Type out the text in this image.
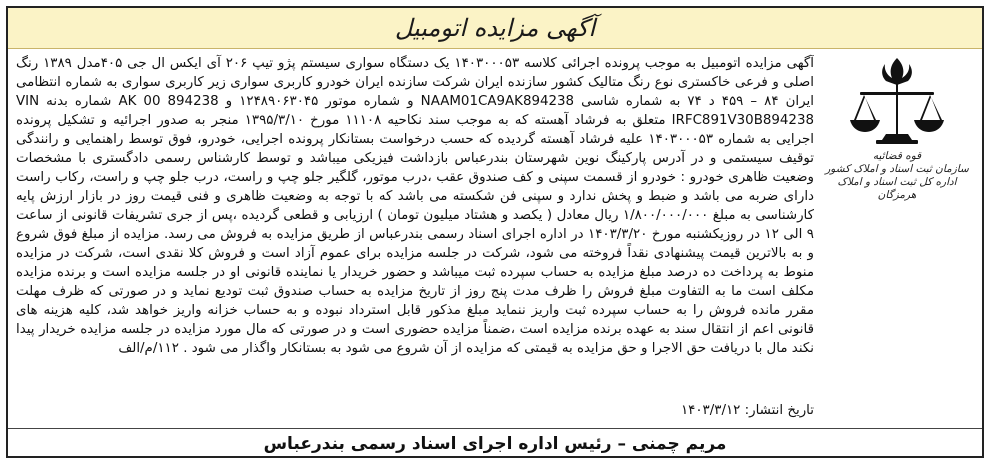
آگهی مزایده اتومبیل
قوه قضائیه
سازمان ثبت اسناد و املاک کشور
اداره کل ثبت اسناد و املاک هرمزگان
آگهی مزایده اتومبیل به موجب پرونده اجرائی کلاسه ۱۴۰۳۰۰۰۵۳ یک دستگاه سواری سیستم پژو تیپ ۲۰۶ آی ایکس ال جی ۴۰۵مدل ۱۳۸۹ رنگ اصلی و فرعی خاکستری نوع رنگ متالیک کشور سازنده ایران شرکت سازنده ایران خودرو کاربری سواری زیر کاربری سواری به شماره انتظامی ایران ۸۴ – ۴۵۹ د ۷۴ به شماره شاسی NAAM01CA9AK894238 و شماره موتور ۱۲۴۸۹۰۶۳۰۴۵ و AK 00 894238 شماره بدنه VIN IRFC891V30B894238 متعلق به فرشاد آهسته که به موجب سند نکاحیه ۱۱۱۰۸ مورخ ۱۳۹۵/۳/۱۰ منجر به صدور اجرائیه و تشکیل پرونده اجرایی به شماره ۱۴۰۳۰۰۰۵۳ علیه فرشاد آهسته گردیده که حسب درخواست بستانکار پرونده اجرایی، خودرو، فوق توسط راهنمایی و رانندگی توقیف سیستمی و در آدرس پارکینگ نوین شهرستان بندرعباس بازداشت فیزیکی میباشد و توسط کارشناس رسمی دادگستری با مشخصات وضعیت ظاهری خودرو : خودرو از قسمت سپنی و کف صندوق عقب ،درب موتور، گلگیر جلو چپ و راست، درب جلو چپ و راست، رکاب راست دارای ضربه می باشد و ضبط و پخش ندارد و سپنی فن شکسته می باشد که با توجه به وضعیت ظاهری و فنی قیمت روز در بازار ارزش پایه کارشناسی به مبلغ ۱/۸۰۰/۰۰۰/۰۰۰ ریال معادل ( یکصد و هشتاد میلیون تومان ) ارزیابی و قطعی گردیده ،پس از جری تشریفات قانونی از ساعت ۹ الی ۱۲ در روزیکشنبه مورخ ۱۴۰۳/۳/۲۰ در اداره اجرای اسناد رسمی بندرعباس از طریق مزایده به فروش می رسد. مزایده از مبلغ فوق شروع و به بالاترین قیمت پیشنهادی نقداً فروخته می شود، شرکت در جلسه مزایده برای عموم آزاد است و فروش کلا نقدی است، شرکت در مزایده منوط به پرداخت ده درصد مبلغ مزایده به حساب سپرده ثبت میباشد و حضور خریدار یا نماینده قانونی او در جلسه مزایده است و برنده مزایده مکلف است ما به التفاوت مبلغ فروش را ظرف مدت پنج روز از تاریخ مزایده به حساب صندوق ثبت تودیع نماید و در صورتی که ظرف مهلت مقرر مانده فروش را به حساب سپرده ثبت واریز ننماید مبلغ مذکور قابل استرداد نبوده و به حساب خزانه واریز خواهد شد، کلیه هزینه های قانونی اعم از انتقال سند به عهده برنده مزایده است ،ضمناً مزایده حضوری است و در صورتی که مال مورد مزایده در جلسه مزایده خریدار پیدا نکند مال با دریافت حق الاجرا و حق مزایده به قیمتی که مزایده از آن شروع می شود به بستانکار واگذار می شود . ۱۱۲/م/الف
تاریخ انتشار: ۱۴۰۳/۳/۱۲
مریم چمنی – رئیس اداره اجرای اسناد رسمی بندرعباس
